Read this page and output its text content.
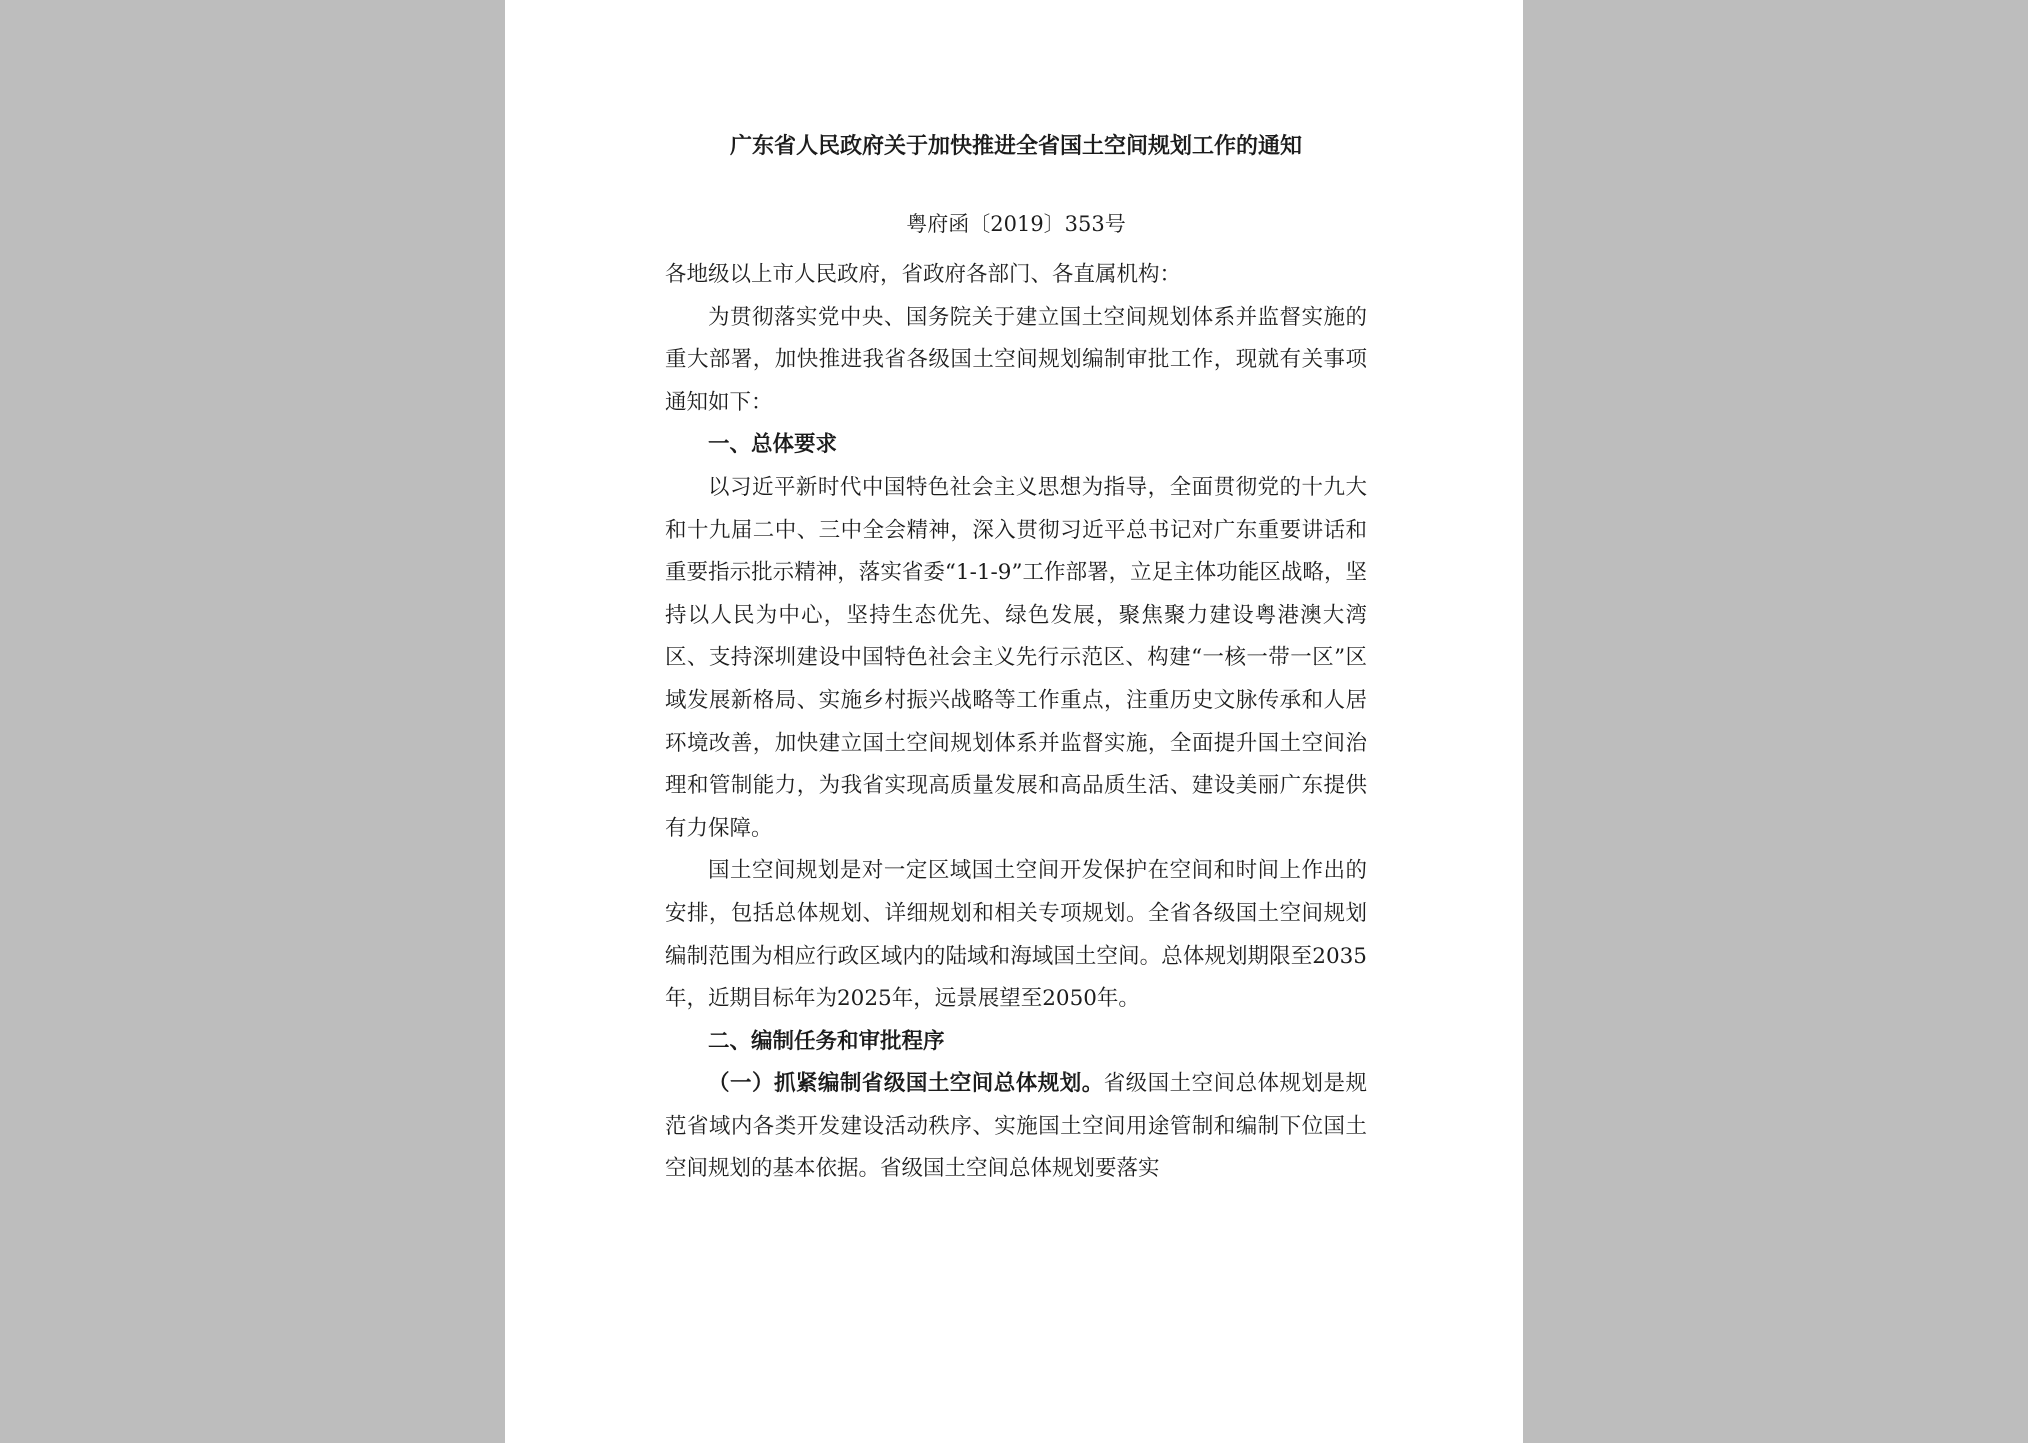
广东省人民政府关于加快推进全省国土空间规划工作的通知
粤府函〔2019〕353号

各地级以上市人民政府，省政府各部门、各直属机构：

为贯彻落实党中央、国务院关于建立国土空间规划体系并监督实施的重大部署，加快推进我省各级国土空间规划编制审批工作，现就有关事项通知如下：

一、总体要求

以习近平新时代中国特色社会主义思想为指导，全面贯彻党的十九大和十九届二中、三中全会精神，深入贯彻习近平总书记对广东重要讲话和重要指示批示精神，落实省委“1-1-9”工作部署，立足主体功能区战略，坚持以人民为中心，坚持生态优先、绿色发展，聚焦聚力建设粤港澳大湾区、支持深圳建设中国特色社会主义先行示范区、构建“一核一带一区”区域发展新格局、实施乡村振兴战略等工作重点，注重历史文脉传承和人居环境改善，加快建立国土空间规划体系并监督实施，全面提升国土空间治理和管制能力，为我省实现高质量发展和高品质生活、建设美丽广东提供有力保障。

国土空间规划是对一定区域国土空间开发保护在空间和时间上作出的安排，包括总体规划、详细规划和相关专项规划。全省各级国土空间规划编制范围为相应行政区域内的陆域和海域国土空间。总体规划期限至2035年，近期目标年为2025年，远景展望至2050年。

二、编制任务和审批程序

（一）抓紧编制省级国土空间总体规划。省级国土空间总体规划是规范省域内各类开发建设活动秩序、实施国土空间用途管制和编制下位国土空间规划的基本依据。省级国土空间总体规划要落实
